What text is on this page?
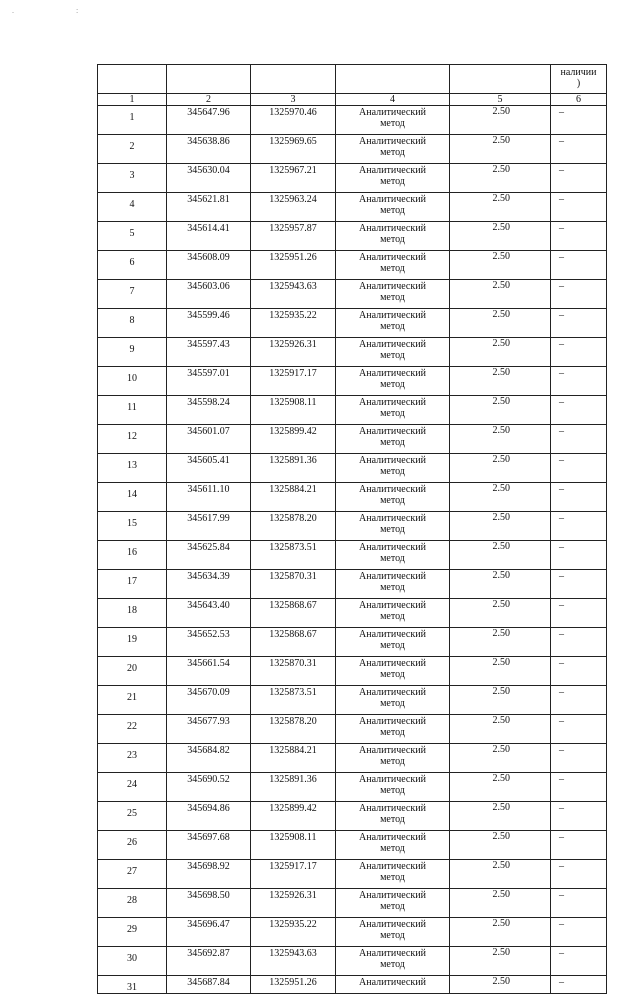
. :
					наличии
)
1	2	3	4	5	6
1	345647.96	1325970.46	Аналитический
метод	2.50	–
2	345638.86	1325969.65	Аналитический
метод	2.50	–
3	345630.04	1325967.21	Аналитический
метод	2.50	–
4	345621.81	1325963.24	Аналитический
метод	2.50	–
5	345614.41	1325957.87	Аналитический
метод	2.50	–
6	345608.09	1325951.26	Аналитический
метод	2.50	–
7	345603.06	1325943.63	Аналитический
метод	2.50	–
8	345599.46	1325935.22	Аналитический
метод	2.50	–
9	345597.43	1325926.31	Аналитический
метод	2.50	–
10	345597.01	1325917.17	Аналитический
метод	2.50	–
11	345598.24	1325908.11	Аналитический
метод	2.50	–
12	345601.07	1325899.42	Аналитический
метод	2.50	–
13	345605.41	1325891.36	Аналитический
метод	2.50	–
14	345611.10	1325884.21	Аналитический
метод	2.50	–
15	345617.99	1325878.20	Аналитический
метод	2.50	–
16	345625.84	1325873.51	Аналитический
метод	2.50	–
17	345634.39	1325870.31	Аналитический
метод	2.50	–
18	345643.40	1325868.67	Аналитический
метод	2.50	–
19	345652.53	1325868.67	Аналитический
метод	2.50	–
20	345661.54	1325870.31	Аналитический
метод	2.50	–
21	345670.09	1325873.51	Аналитический
метод	2.50	–
22	345677.93	1325878.20	Аналитический
метод	2.50	–
23	345684.82	1325884.21	Аналитический
метод	2.50	–
24	345690.52	1325891.36	Аналитический
метод	2.50	–
25	345694.86	1325899.42	Аналитический
метод	2.50	–
26	345697.68	1325908.11	Аналитический
метод	2.50	–
27	345698.92	1325917.17	Аналитический
метод	2.50	–
28	345698.50	1325926.31	Аналитический
метод	2.50	–
29	345696.47	1325935.22	Аналитический
метод	2.50	–
30	345692.87	1325943.63	Аналитический
метод	2.50	–
31	345687.84	1325951.26	Аналитический	2.50	–
